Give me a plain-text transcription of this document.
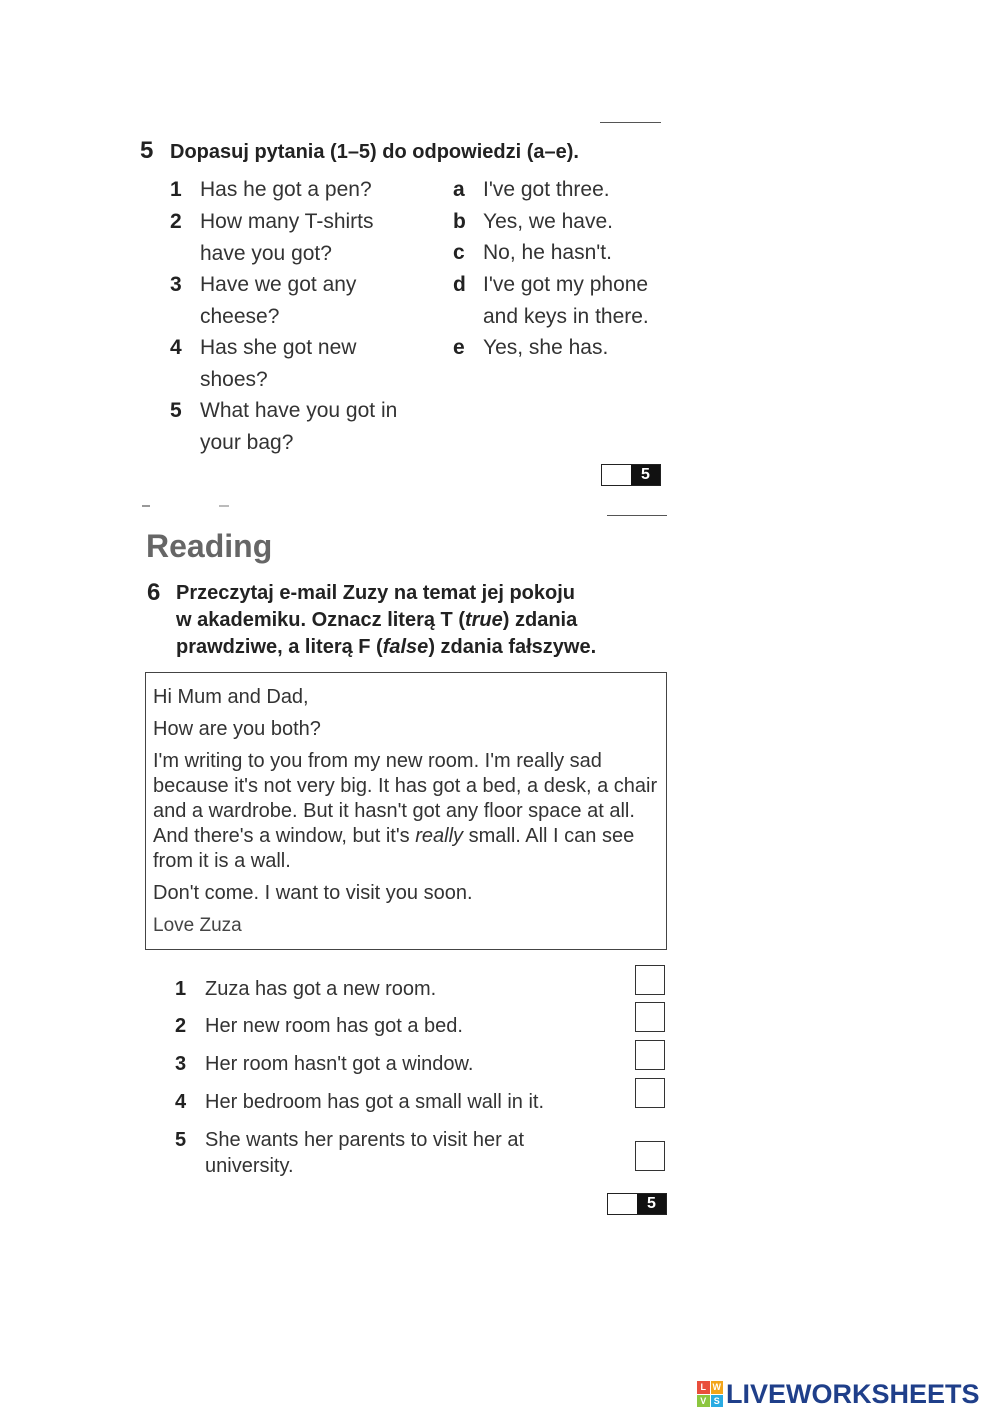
5 Dopasuj pytania (1–5) do odpowiedzi (a–e).
1 Has he got a pen?
2 How many T-shirts have you got?
3 Have we got any cheese?
4 Has she got new shoes?
5 What have you got in your bag?
a I've got three.
b Yes, we have.
c No, he hasn't.
d I've got my phone and keys in there.
e Yes, she has.
5
Reading
6 Przeczytaj e-mail Zuzy na temat jej pokoju
w akademiku. Oznacz literą T (true) zdania
prawdziwe, a literą F (false) zdania fałszywe.

Hi Mum and Dad,

How are you both?

I'm writing to you from my new room. I'm really sad because it's not very big. It has got a bed, a desk, a chair and a wardrobe. But it hasn't got any floor space at all. And there's a window, but it's really small. All I can see from it is a wall.

Don't come. I want to visit you soon.

Love Zuza

1 Zuza has got a new room.
2 Her new room has got a bed.
3 Her room hasn't got a window.
4 Her bedroom has got a small wall in it.
5 She wants her parents to visit her at university.
5
L W
V S LIVEWORKSHEETS
